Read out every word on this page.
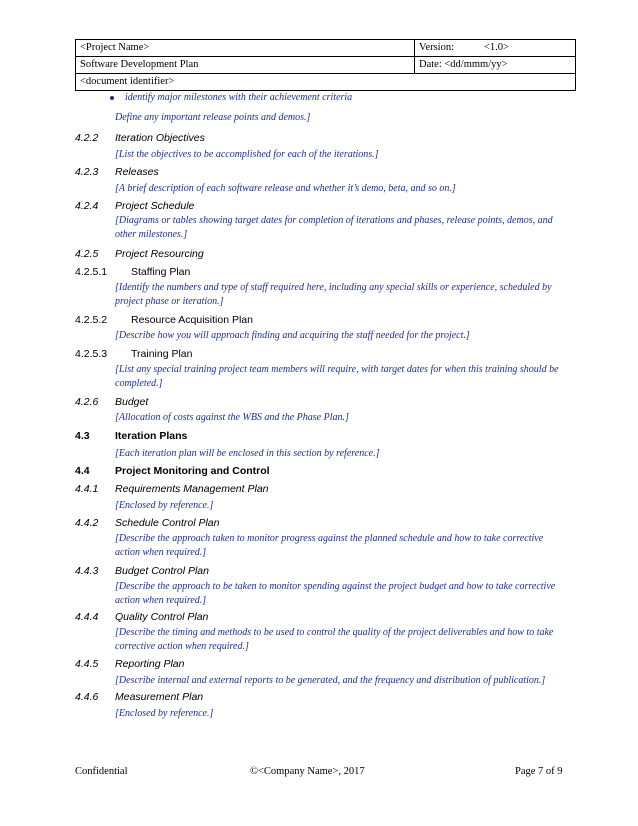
<Project Name>	Version: <1.0>
Software Development Plan	Date: <dd/mmm/yy>
<document identifier>	
identify major milestones with their achievement criteria
Define any important release points and demos.]
4.2.2 Iteration Objectives
[List the objectives to be accomplished for each of the iterations.]
4.2.3 Releases
[A brief description of each software release and whether it’s demo, beta, and so on.]
4.2.4 Project Schedule
[Diagrams or tables showing target dates for completion of iterations and phases, release points, demos, and other milestones.]
4.2.5 Project Resourcing
4.2.5.1 Staffing Plan
[Identify the numbers and type of staff required here, including any special skills or experience, scheduled by project phase or iteration.]
4.2.5.2 Resource Acquisition Plan
[Describe how you will approach finding and acquiring the staff needed for the project.]
4.2.5.3 Training Plan
[List any special training project team members will require, with target dates for when this training should be completed.]
4.2.6 Budget
[Allocation of costs against the WBS and the Phase Plan.]
4.3 Iteration Plans
[Each iteration plan will be enclosed in this section by reference.]
4.4 Project Monitoring and Control
4.4.1 Requirements Management Plan
[Enclosed by reference.]
4.4.2 Schedule Control Plan
[Describe the approach taken to monitor progress against the planned schedule and how to take corrective action when required.]
4.4.3 Budget Control Plan
[Describe the approach to be taken to monitor spending against the project budget and how to take corrective action when required.]
4.4.4 Quality Control Plan
[Describe the timing and methods to be used to control the quality of the project deliverables and how to take corrective action when required.]
4.4.5 Reporting Plan
[Describe internal and external reports to be generated, and the frequency and distribution of publication.]
4.4.6 Measurement Plan
[Enclosed by reference.]
Confidential	©<Company Name>, 2017	Page 7 of 9
